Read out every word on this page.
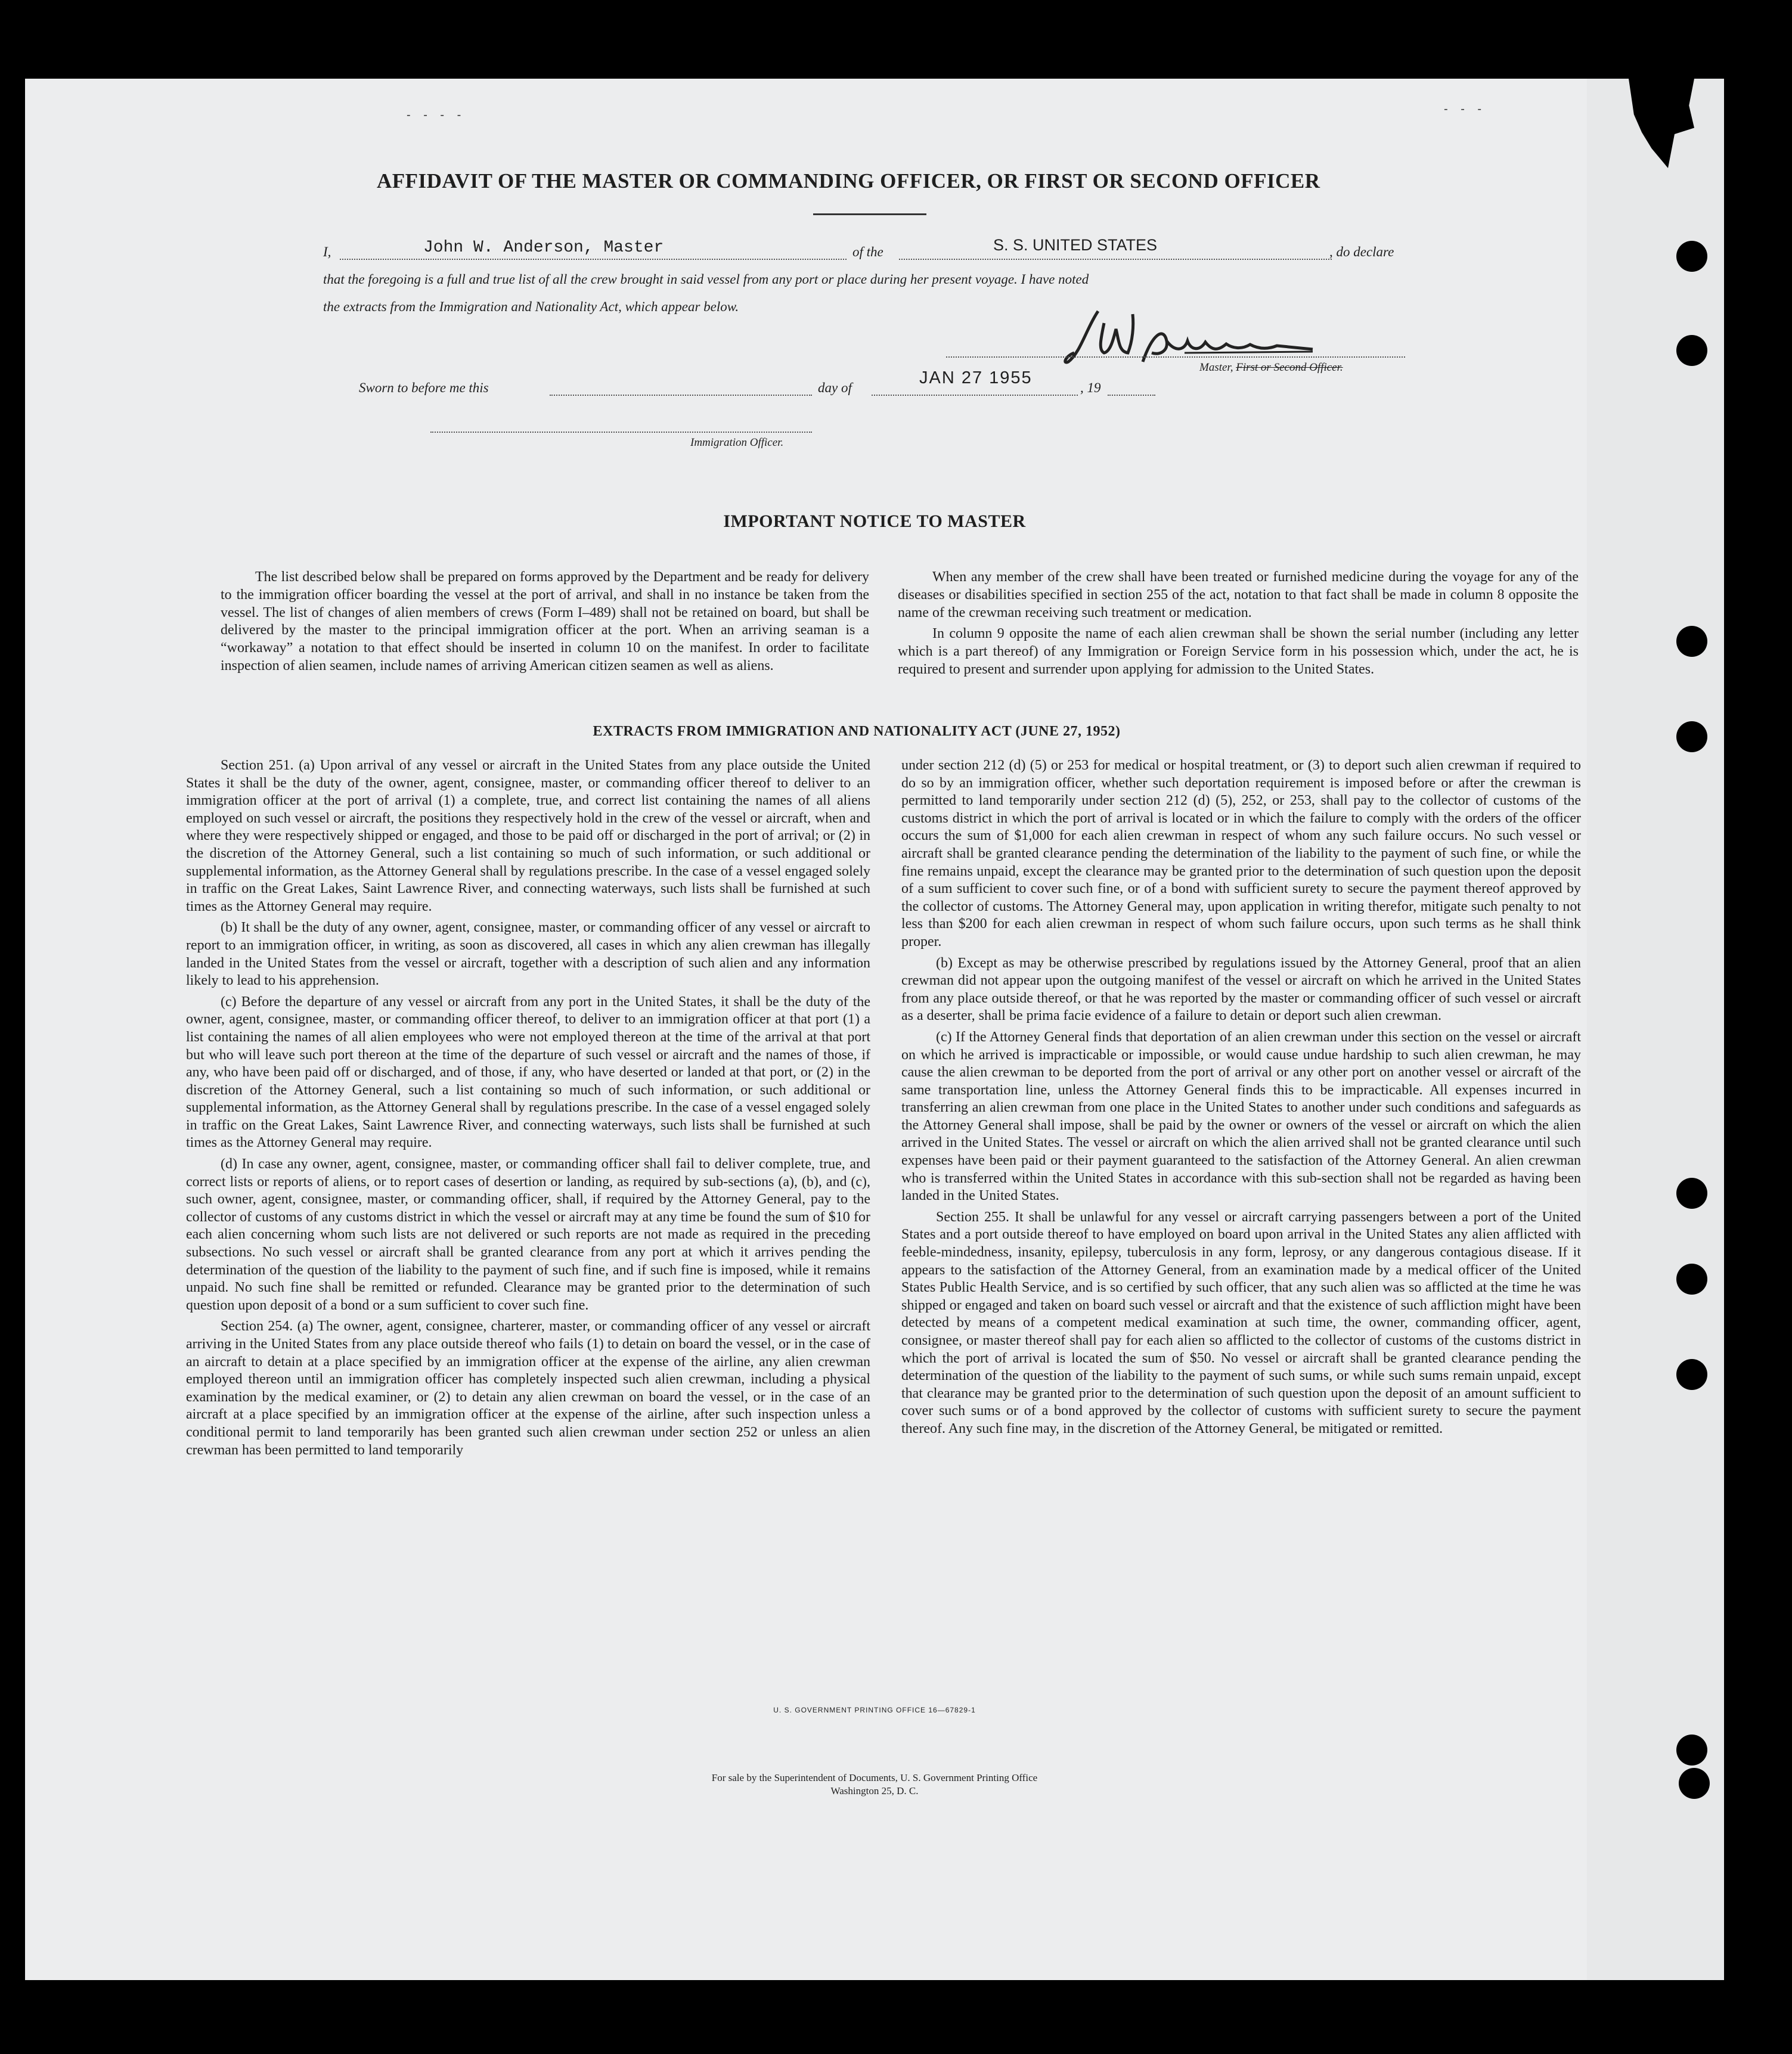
- - - -	- - -
AFFIDAVIT OF THE MASTER OR COMMANDING OFFICER, OR FIRST OR SECOND OFFICER
I,	John W. Anderson, Master	of the	S. S. UNITED STATES	, do declare
that the foregoing is a full and true list of all the crew brought in said vessel from any port or place during her present voyage. I have noted
the extracts from the Immigration and Nationality Act, which appear below.
Master, First or Second Officer.
Sworn to before me this	day of
JAN 27 1955
, 19
Immigration Officer.
IMPORTANT NOTICE TO MASTER

The list described below shall be prepared on forms approved by the Department and be ready for delivery to the immigration officer boarding the vessel at the port of arrival, and shall in no instance be taken from the vessel. The list of changes of alien members of crews (Form I–489) shall not be retained on board, but shall be delivered by the master to the principal immigration officer at the port. When an arriving seaman is a “workaway” a notation to that effect should be inserted in column 10 on the manifest. In order to facilitate inspection of alien seamen, include names of arriving American citizen seamen as well as aliens.

When any member of the crew shall have been treated or furnished medicine during the voyage for any of the diseases or disabilities specified in section 255 of the act, notation to that fact shall be made in column 8 opposite the name of the crewman receiving such treatment or medication.

In column 9 opposite the name of each alien crewman shall be shown the serial number (including any letter which is a part thereof) of any Immigration or Foreign Service form in his possession which, under the act, he is required to present and surrender upon applying for admission to the United States.

EXTRACTS FROM IMMIGRATION AND NATIONALITY ACT (JUNE 27, 1952)

Section 251. (a) Upon arrival of any vessel or aircraft in the United States from any place outside the United States it shall be the duty of the owner, agent, consignee, master, or commanding officer thereof to deliver to an immigration officer at the port of arrival (1) a complete, true, and correct list containing the names of all aliens employed on such vessel or aircraft, the positions they respectively hold in the crew of the vessel or aircraft, when and where they were respectively shipped or engaged, and those to be paid off or discharged in the port of arrival; or (2) in the discretion of the Attorney General, such a list containing so much of such information, or such additional or supplemental information, as the Attorney General shall by regulations prescribe. In the case of a vessel engaged solely in traffic on the Great Lakes, Saint Lawrence River, and connecting waterways, such lists shall be furnished at such times as the Attorney General may require.

(b) It shall be the duty of any owner, agent, consignee, master, or commanding officer of any vessel or aircraft to report to an immigration officer, in writing, as soon as discovered, all cases in which any alien crewman has illegally landed in the United States from the vessel or aircraft, together with a description of such alien and any information likely to lead to his apprehension.

(c) Before the departure of any vessel or aircraft from any port in the United States, it shall be the duty of the owner, agent, consignee, master, or commanding officer thereof, to deliver to an immigration officer at that port (1) a list containing the names of all alien employees who were not employed thereon at the time of the arrival at that port but who will leave such port thereon at the time of the departure of such vessel or aircraft and the names of those, if any, who have been paid off or discharged, and of those, if any, who have deserted or landed at that port, or (2) in the discretion of the Attorney General, such a list containing so much of such information, or such additional or supplemental information, as the Attorney General shall by regulations prescribe. In the case of a vessel engaged solely in traffic on the Great Lakes, Saint Lawrence River, and connecting waterways, such lists shall be furnished at such times as the Attorney General may require.

(d) In case any owner, agent, consignee, master, or commanding officer shall fail to deliver complete, true, and correct lists or reports of aliens, or to report cases of desertion or landing, as required by sub-sections (a), (b), and (c), such owner, agent, consignee, master, or commanding officer, shall, if required by the Attorney General, pay to the collector of customs of any customs district in which the vessel or aircraft may at any time be found the sum of $10 for each alien concerning whom such lists are not delivered or such reports are not made as required in the preceding subsections. No such vessel or aircraft shall be granted clearance from any port at which it arrives pending the determination of the question of the liability to the payment of such fine, and if such fine is imposed, while it remains unpaid. No such fine shall be remitted or refunded. Clearance may be granted prior to the determination of such question upon deposit of a bond or a sum sufficient to cover such fine.

Section 254. (a) The owner, agent, consignee, charterer, master, or commanding officer of any vessel or aircraft arriving in the United States from any place outside thereof who fails (1) to detain on board the vessel, or in the case of an aircraft to detain at a place specified by an immigration officer at the expense of the airline, any alien crewman employed thereon until an immigration officer has completely inspected such alien crewman, including a physical examination by the medical examiner, or (2) to detain any alien crewman on board the vessel, or in the case of an aircraft at a place specified by an immigration officer at the expense of the airline, after such inspection unless a conditional permit to land temporarily has been granted such alien crewman under section 252 or unless an alien crewman has been permitted to land temporarily

under section 212 (d) (5) or 253 for medical or hospital treatment, or (3) to deport such alien crewman if required to do so by an immigration officer, whether such deportation requirement is imposed before or after the crewman is permitted to land temporarily under section 212 (d) (5), 252, or 253, shall pay to the collector of customs of the customs district in which the port of arrival is located or in which the failure to comply with the orders of the officer occurs the sum of $1,000 for each alien crewman in respect of whom any such failure occurs. No such vessel or aircraft shall be granted clearance pending the determination of the liability to the payment of such fine, or while the fine remains unpaid, except the clearance may be granted prior to the determination of such question upon the deposit of a sum sufficient to cover such fine, or of a bond with sufficient surety to secure the payment thereof approved by the collector of customs. The Attorney General may, upon application in writing therefor, mitigate such penalty to not less than $200 for each alien crewman in respect of whom such failure occurs, upon such terms as he shall think proper.

(b) Except as may be otherwise prescribed by regulations issued by the Attorney General, proof that an alien crewman did not appear upon the outgoing manifest of the vessel or aircraft on which he arrived in the United States from any place outside thereof, or that he was reported by the master or commanding officer of such vessel or aircraft as a deserter, shall be prima facie evidence of a failure to detain or deport such alien crewman.

(c) If the Attorney General finds that deportation of an alien crewman under this section on the vessel or aircraft on which he arrived is impracticable or impossible, or would cause undue hardship to such alien crewman, he may cause the alien crewman to be deported from the port of arrival or any other port on another vessel or aircraft of the same transportation line, unless the Attorney General finds this to be impracticable. All expenses incurred in transferring an alien crewman from one place in the United States to another under such conditions and safeguards as the Attorney General shall impose, shall be paid by the owner or owners of the vessel or aircraft on which the alien arrived in the United States. The vessel or aircraft on which the alien arrived shall not be granted clearance until such expenses have been paid or their payment guaranteed to the satisfaction of the Attorney General. An alien crewman who is transferred within the United States in accordance with this sub-section shall not be regarded as having been landed in the United States.

Section 255. It shall be unlawful for any vessel or aircraft carrying passengers between a port of the United States and a port outside thereof to have employed on board upon arrival in the United States any alien afflicted with feeble-mindedness, insanity, epilepsy, tuberculosis in any form, leprosy, or any dangerous contagious disease. If it appears to the satisfaction of the Attorney General, from an examination made by a medical officer of the United States Public Health Service, and is so certified by such officer, that any such alien was so afflicted at the time he was shipped or engaged and taken on board such vessel or aircraft and that the existence of such affliction might have been detected by means of a competent medical examination at such time, the owner, commanding officer, agent, consignee, or master thereof shall pay for each alien so afflicted to the collector of customs of the customs district in which the port of arrival is located the sum of $50. No vessel or aircraft shall be granted clearance pending the determination of the question of the liability to the payment of such sums, or while such sums remain unpaid, except that clearance may be granted prior to the determination of such question upon the deposit of an amount sufficient to cover such sums or of a bond approved by the collector of customs with sufficient surety to secure the payment thereof. Any such fine may, in the discretion of the Attorney General, be mitigated or remitted.

U. S. GOVERNMENT PRINTING OFFICE 16—67829-1
For sale by the Superintendent of Documents, U. S. Government Printing Office
Washington 25, D. C.
